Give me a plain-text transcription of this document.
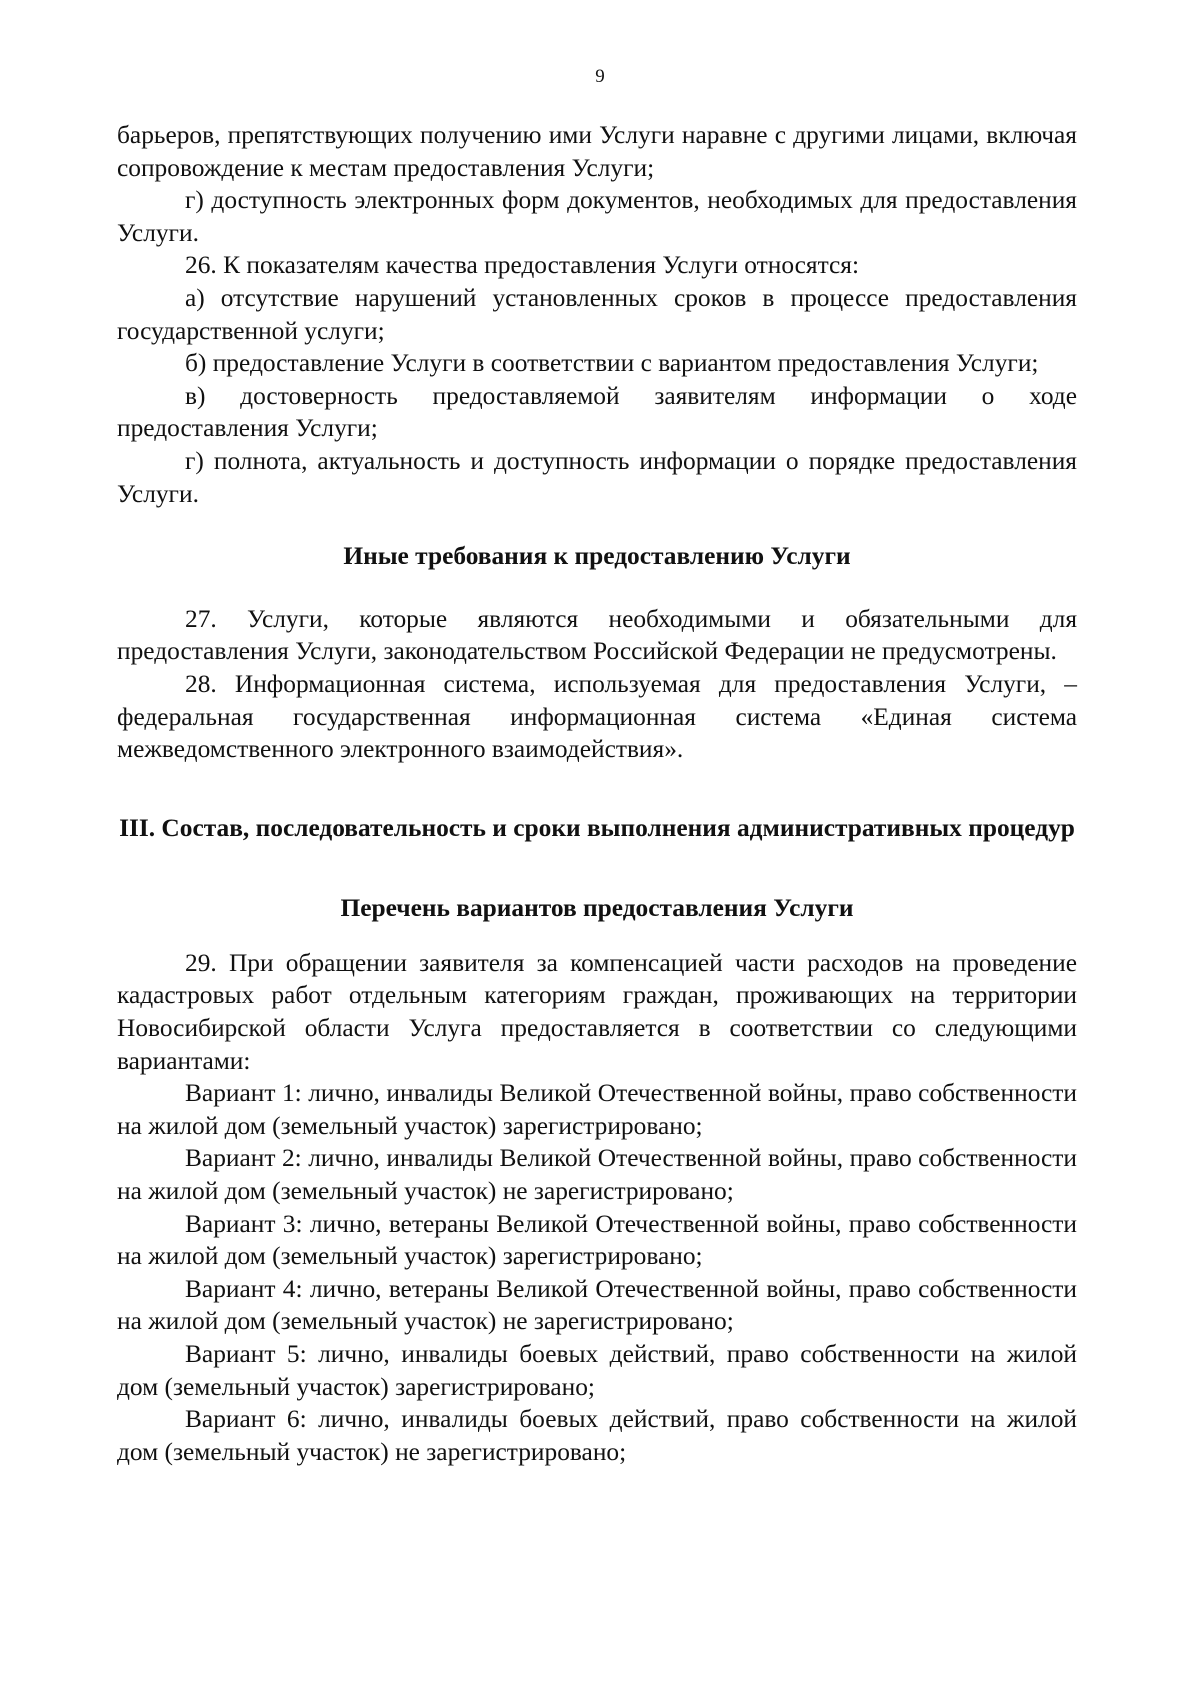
9

барьеров, препятствующих получению ими Услуги наравне с другими лицами, включая сопровождение к местам предоставления Услуги;

г) доступность электронных форм документов, необходимых для предоставления Услуги.

26. К показателям качества предоставления Услуги относятся:

а) отсутствие нарушений установленных сроков в процессе предоставления государственной услуги;

б) предоставление Услуги в соответствии с вариантом предоставления Услуги;

в) достоверность предоставляемой заявителям информации о ходе предоставления Услуги;

г) полнота, актуальность и доступность информации о порядке предоставления Услуги.

Иные требования к предоставлению Услуги

27. Услуги, которые являются необходимыми и обязательными для предоставления Услуги, законодательством Российской Федерации не предусмотрены.

28. Информационная система, используемая для предоставления Услуги, – федеральная государственная информационная система «Единая система межведомственного электронного взаимодействия».

III. Состав, последовательность и сроки выполнения административных процедур
Перечень вариантов предоставления Услуги

29. При обращении заявителя за компенсацией части расходов на проведение кадастровых работ отдельным категориям граждан, проживающих на территории Новосибирской области Услуга предоставляется в соответствии со следующими вариантами:

Вариант 1: лично, инвалиды Великой Отечественной войны, право собственности на жилой дом (земельный участок) зарегистрировано;

Вариант 2: лично, инвалиды Великой Отечественной войны, право собственности на жилой дом (земельный участок) не зарегистрировано;

Вариант 3: лично, ветераны Великой Отечественной войны, право собственности на жилой дом (земельный участок) зарегистрировано;

Вариант 4: лично, ветераны Великой Отечественной войны, право собственности на жилой дом (земельный участок) не зарегистрировано;

Вариант 5: лично, инвалиды боевых действий, право собственности на жилой дом (земельный участок) зарегистрировано;

Вариант 6: лично, инвалиды боевых действий, право собственности на жилой дом (земельный участок) не зарегистрировано;
